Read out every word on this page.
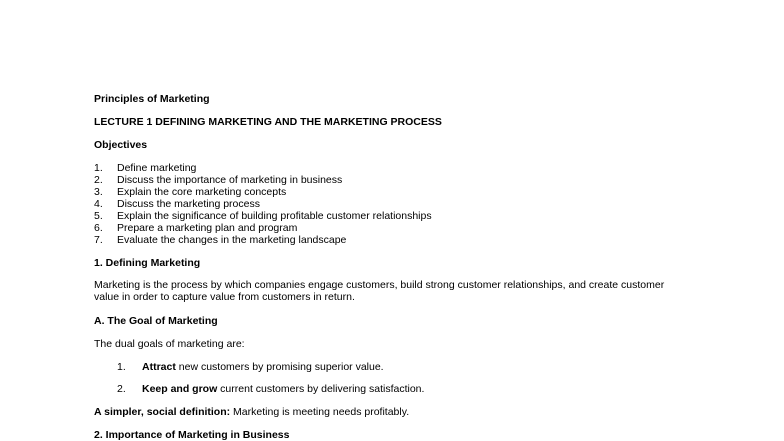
Principles of Marketing
LECTURE 1 DEFINING MARKETING AND THE MARKETING PROCESS
Objectives
1.	Define marketing
2.	Discuss the importance of marketing in business
3.	Explain the core marketing concepts
4.	Discuss the marketing process
5.	Explain the significance of building profitable customer relationships
6.	Prepare a marketing plan and program
7.	Evaluate the changes in the marketing landscape
1. Defining Marketing
Marketing is the process by which companies engage customers, build strong customer relationships, and create customer value in order to capture value from customers in return.
A. The Goal of Marketing
The dual goals of marketing are:
1.	Attract new customers by promising superior value.
2.	Keep and grow current customers by delivering satisfaction.
A simpler, social definition: Marketing is meeting needs profitably.
2. Importance of Marketing in Business
